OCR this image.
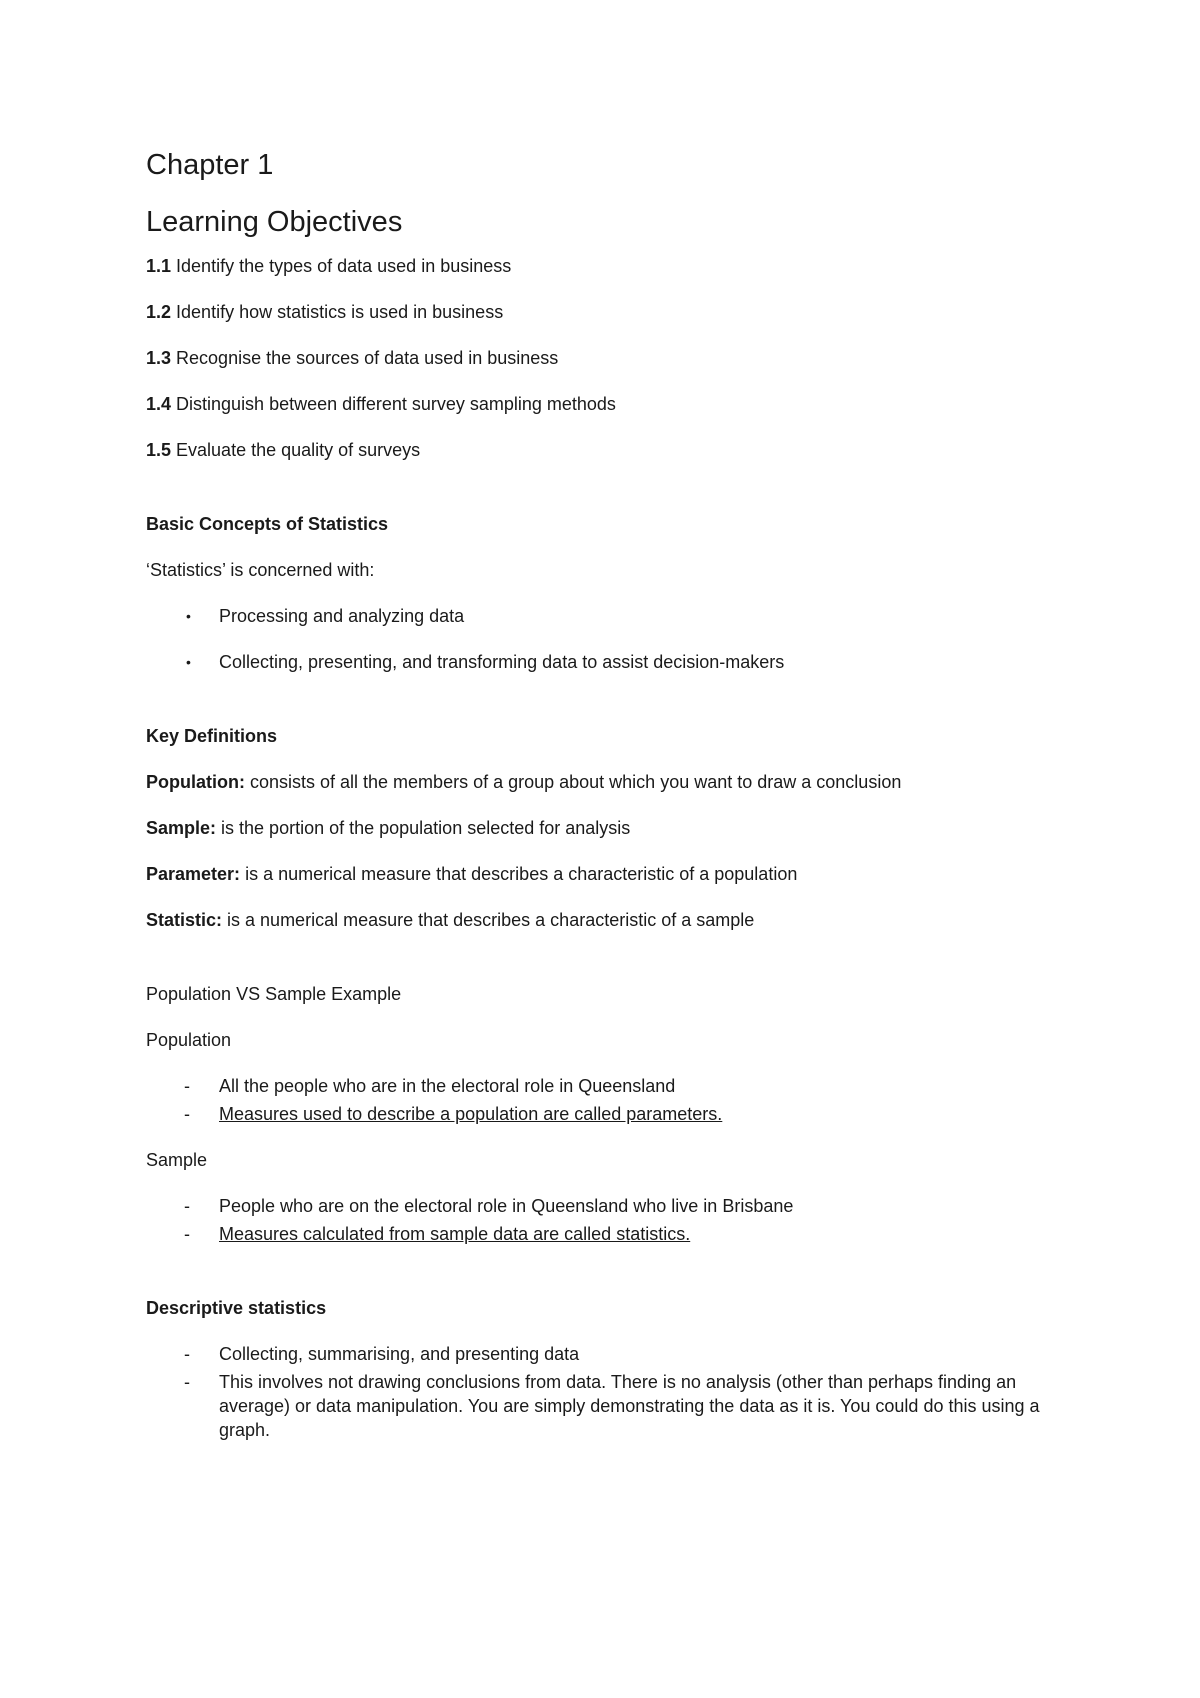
Chapter 1
Learning Objectives

1.1 Identify the types of data used in business

1.2 Identify how statistics is used in business

1.3 Recognise the sources of data used in business

1.4 Distinguish between different survey sampling methods

1.5 Evaluate the quality of surveys

Basic Concepts of Statistics

‘Statistics’ is concerned with:

•	Processing and analyzing data
•	Collecting, presenting, and transforming data to assist decision-makers

Key Definitions

Population: consists of all the members of a group about which you want to draw a conclusion

Sample: is the portion of the population selected for analysis

Parameter: is a numerical measure that describes a characteristic of a population

Statistic: is a numerical measure that describes a characteristic of a sample

Population VS Sample Example

Population

-	All the people who are in the electoral role in Queensland
-	Measures used to describe a population are called parameters.

Sample

-	People who are on the electoral role in Queensland who live in Brisbane
-	Measures calculated from sample data are called statistics.

Descriptive statistics

-	Collecting, summarising, and presenting data
-	This involves not drawing conclusions from data. There is no analysis (other than perhaps finding an average) or data manipulation. You are simply demonstrating the data as it is. You could do this using a graph.
